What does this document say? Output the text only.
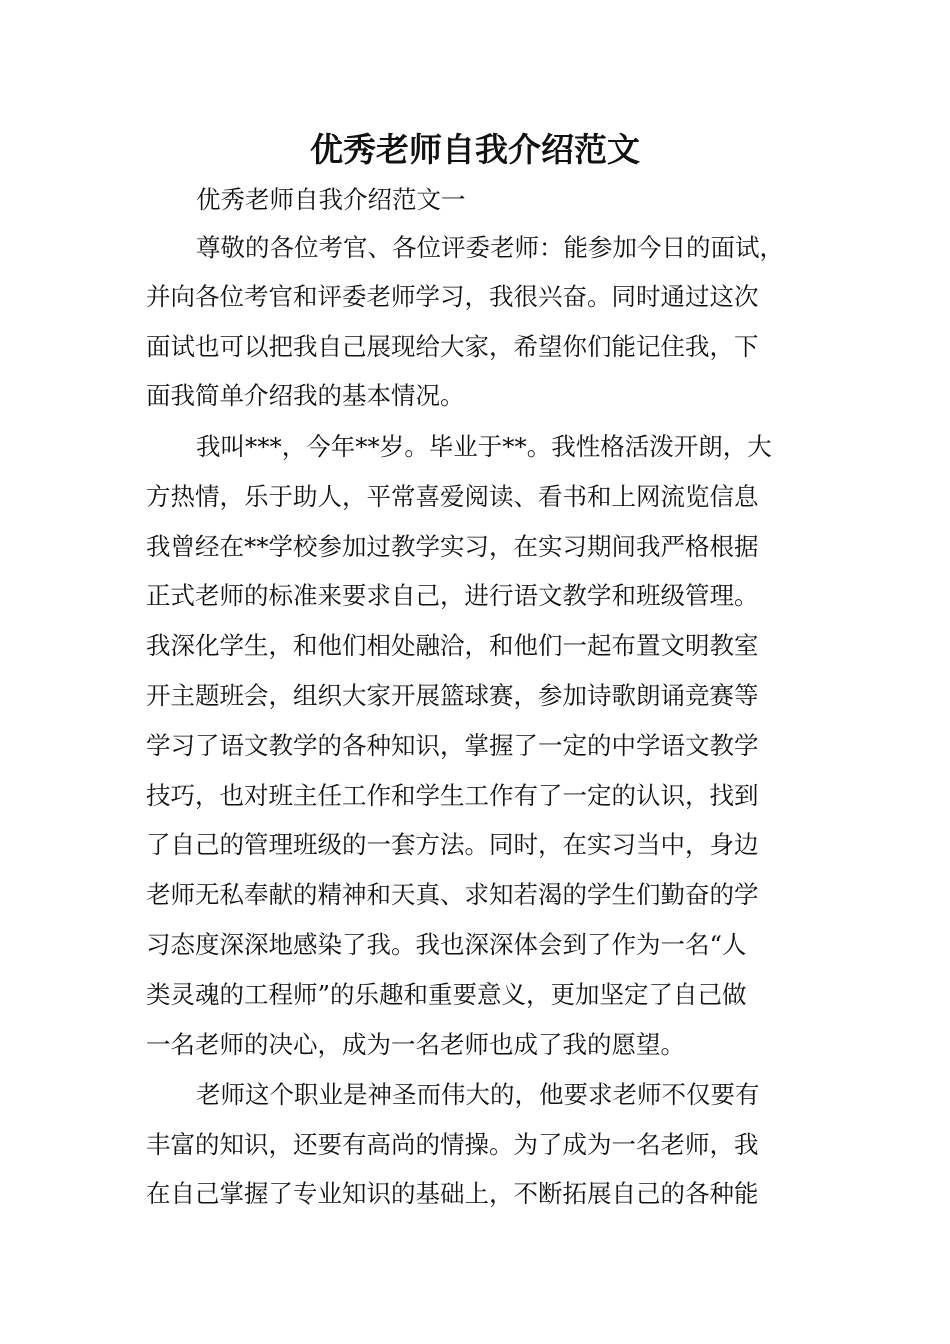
优秀老师自我介绍范文

优秀老师自我介绍范文一

尊敬的各位考官、各位评委老师：能参加今日的面试，

并向各位考官和评委老师学习，我很兴奋。同时通过这次

面试也可以把我自己展现给大家，希望你们能记住我，下

面我简单介绍我的基本情况。

我叫***，今年**岁。毕业于**。我性格活泼开朗，大

方热情，乐于助人，平常喜爱阅读、看书和上网流览信息

我曾经在**学校参加过教学实习，在实习期间我严格根据

正式老师的标准来要求自己，进行语文教学和班级管理。

我深化学生，和他们相处融洽，和他们一起布置文明教室

开主题班会，组织大家开展篮球赛，参加诗歌朗诵竞赛等

学习了语文教学的各种知识，掌握了一定的中学语文教学

技巧，也对班主任工作和学生工作有了一定的认识，找到

了自己的管理班级的一套方法。同时，在实习当中，身边

老师无私奉献的精神和天真、求知若渴的学生们勤奋的学

习态度深深地感染了我。我也深深体会到了作为一名“人

类灵魂的工程师”的乐趣和重要意义，更加坚定了自己做

一名老师的决心，成为一名老师也成了我的愿望。

老师这个职业是神圣而伟大的，他要求老师不仅要有

丰富的知识，还要有高尚的情操。为了成为一名老师，我

在自己掌握了专业知识的基础上，不断拓展自己的各种能
